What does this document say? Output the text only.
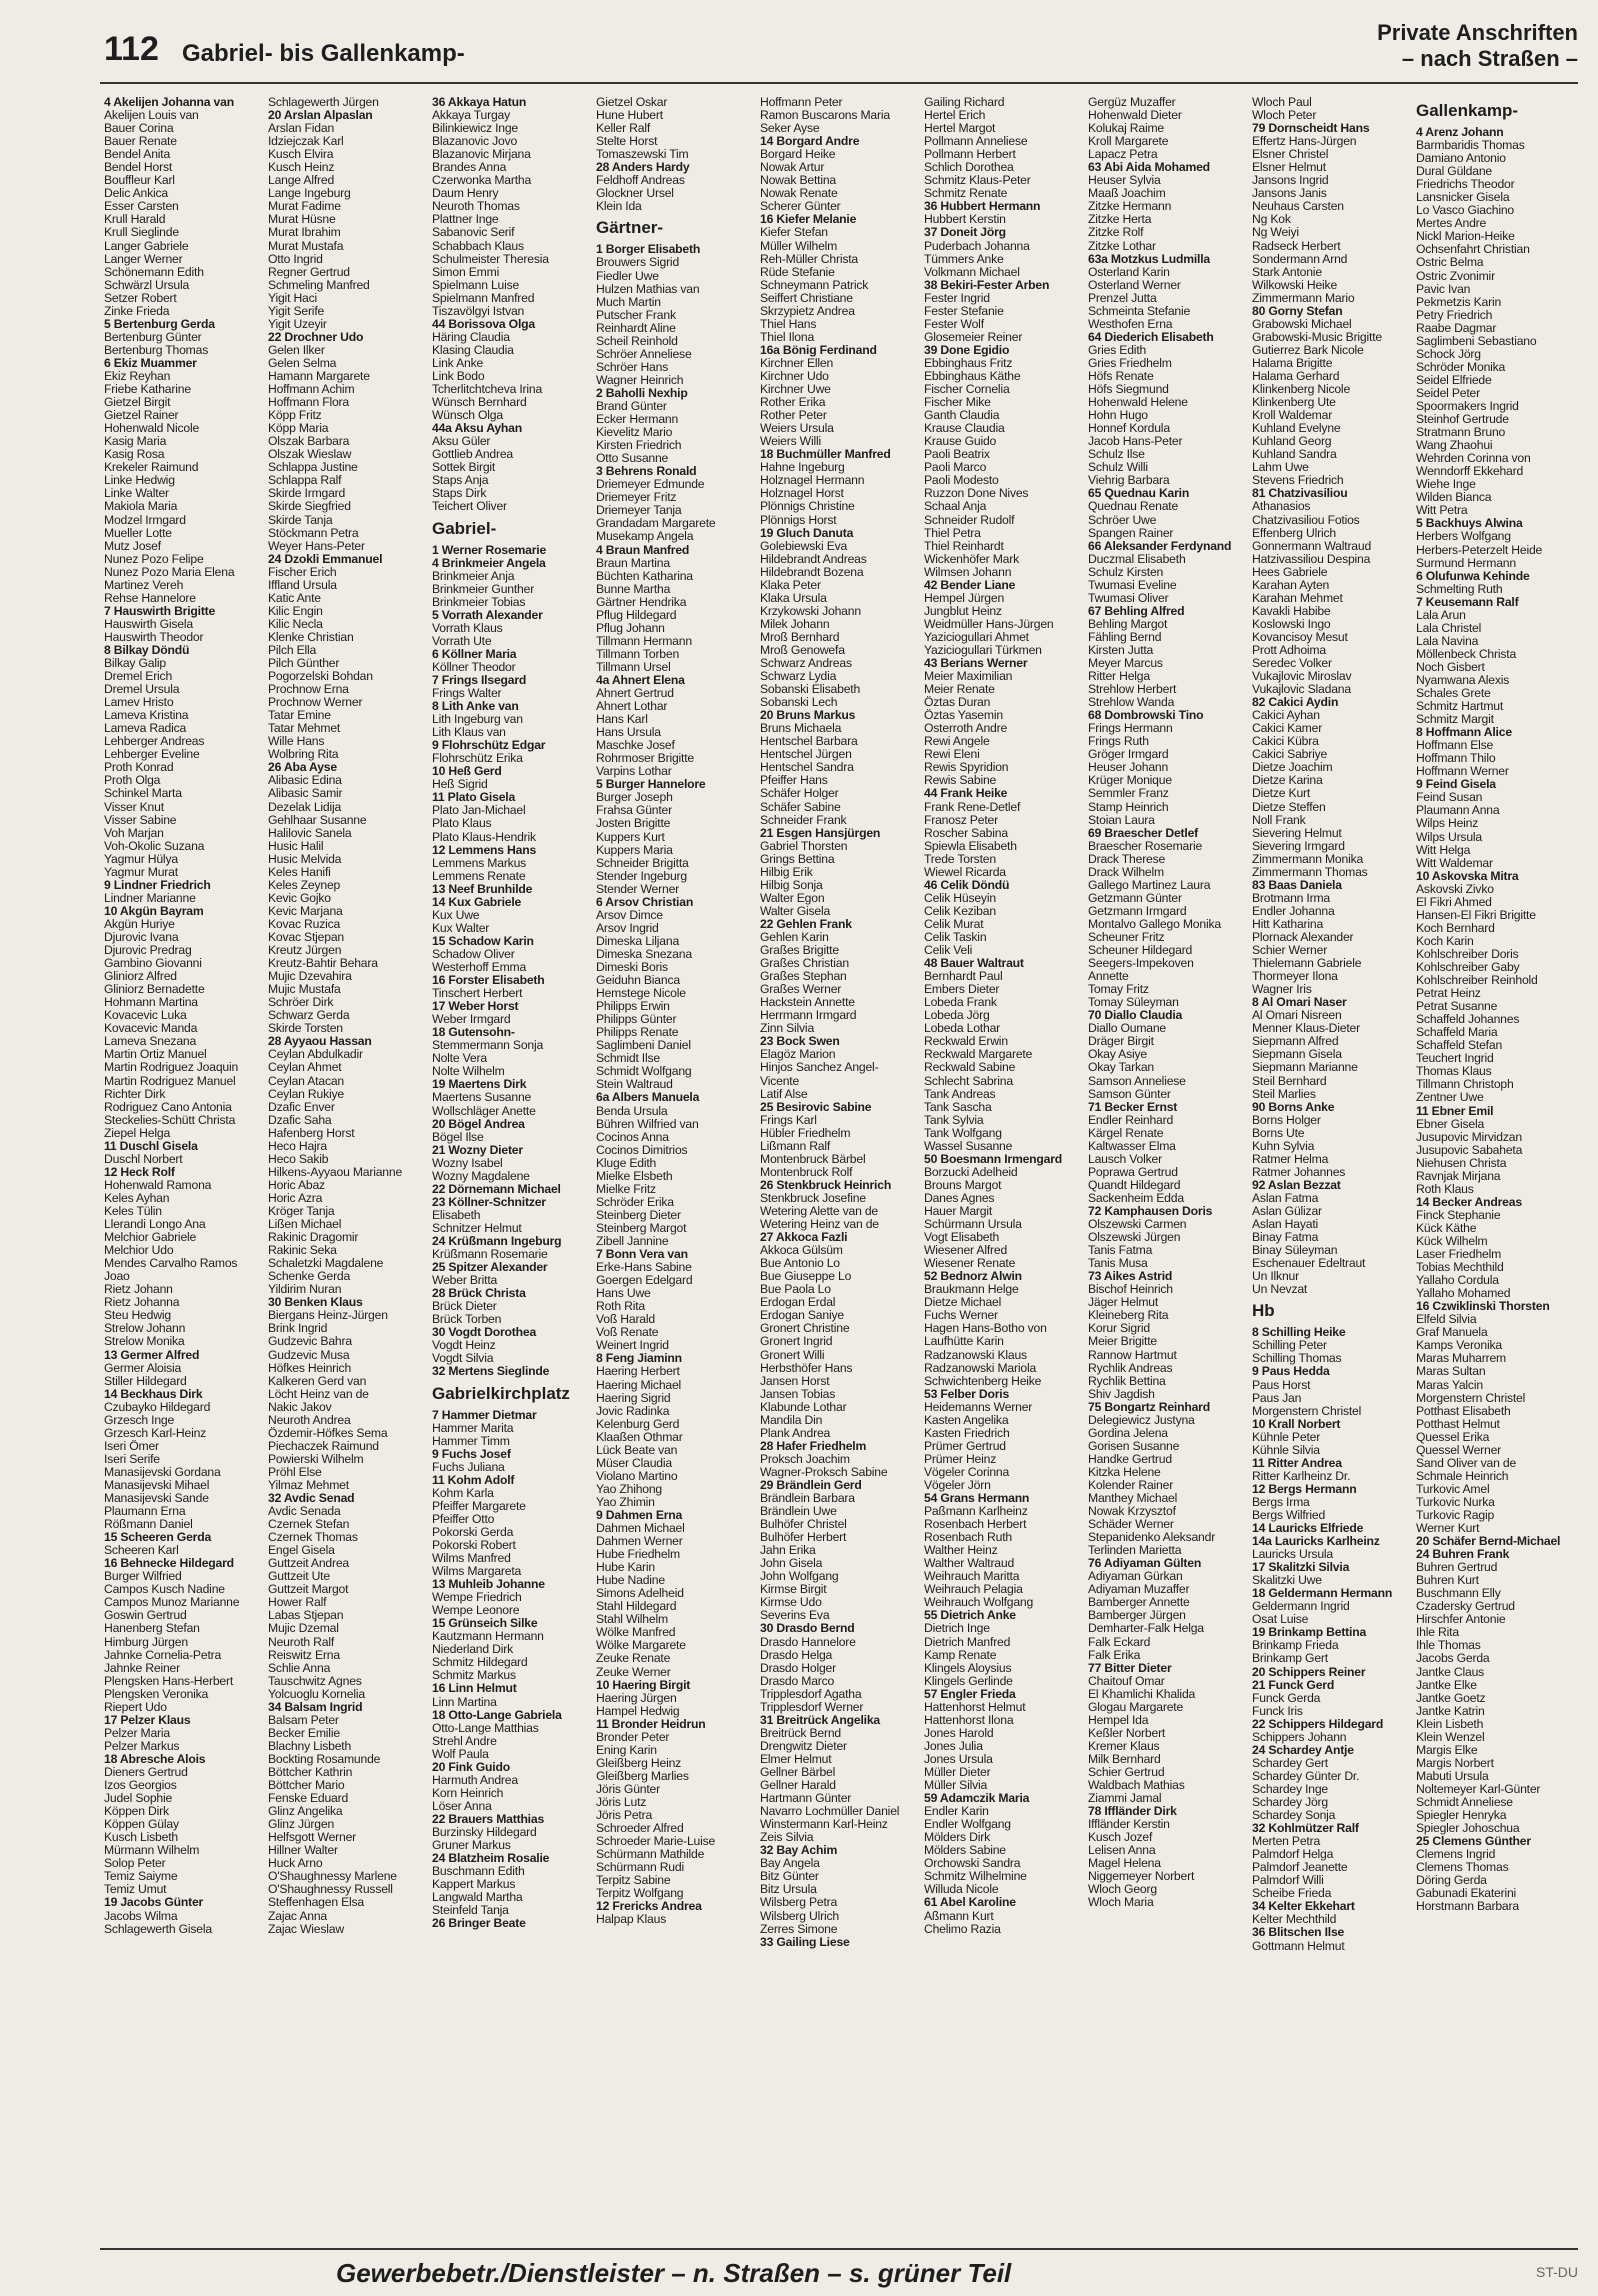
112 Gabriel- bis Gallenkamp-
Private Anschriften
– nach Straßen –
4 Akelijen Johanna van
Akelijen Louis van
Bauer Corina
Bauer Renate
Bendel Anita
Bendel Horst
Bouffleur Karl
Delic Ankica
Esser Carsten
Krull Harald
Krull Sieglinde
Langer Gabriele
Langer Werner
Schönemann Edith
Schwärzl Ursula
Setzer Robert
Zinke Frieda
5 Bertenburg Gerda
Bertenburg Günter
Bertenburg Thomas
6 Ekiz Muammer
Ekiz Reyhan
Friebe Katharine
Gietzel Birgit
Gietzel Rainer
Hohenwald Nicole
Kasig Maria
Kasig Rosa
Krekeler Raimund
Linke Hedwig
Linke Walter
Makiola Maria
Modzel Irmgard
Mueller Lotte
Mutz Josef
Nunez Pozo Felipe
Nunez Pozo Maria Elena
Martinez Vereh
Rehse Hannelore
7 Hauswirth Brigitte
Hauswirth Gisela
Hauswirth Theodor
8 Bilkay Döndü
Bilkay Galip
Dremel Erich
Dremel Ursula
Lamev Hristo
Lameva Kristina
Lameva Radica
Lehberger Andreas
Lehberger Eveline
Proth Konrad
Proth Olga
Schinkel Marta
Visser Knut
Visser Sabine
Voh Marjan
Voh-Okolic Suzana
Yagmur Hülya
Yagmur Murat
9 Lindner Friedrich
Lindner Marianne
10 Akgün Bayram
Akgün Huriye
Djurovic Ivana
Djurovic Predrag
Gambino Giovanni
Gliniorz Alfred
Gliniorz Bernadette
Hohmann Martina
Kovacevic Luka
Kovacevic Manda
Lameva Snezana
Martin Ortiz Manuel
Martin Rodriguez Joaquin
Martin Rodriguez Manuel
Richter Dirk
Rodriguez Cano Antonia
Steckelies-Schütt Christa
Ziepel Helga
11 Duschl Gisela
Duschl Norbert
12 Heck Rolf
Hohenwald Ramona
Keles Ayhan
Keles Tülin
Llerandi Longo Ana
Melchior Gabriele
Melchior Udo
Mendes Carvalho Ramos
Joao
Rietz Johann
Rietz Johanna
Steu Hedwig
Strelow Johann
Strelow Monika
13 Germer Alfred
Germer Aloisia
Stiller Hildegard
14 Beckhaus Dirk
Czubayko Hildegard
Grzesch Inge
Grzesch Karl-Heinz
Iseri Ömer
Iseri Serife
Manasijevski Gordana
Manasijevski Mihael
Manasijevski Sande
Plaumann Erna
Rößmann Daniel
15 Scheeren Gerda
Scheeren Karl
16 Behnecke Hildegard
Burger Wilfried
Campos Kusch Nadine
Campos Munoz Marianne
Goswin Gertrud
Hanenberg Stefan
Himburg Jürgen
Jahnke Cornelia-Petra
Jahnke Reiner
Plengsken Hans-Herbert
Plengsken Veronika
Riepert Udo
17 Pelzer Klaus
Pelzer Maria
Pelzer Markus
18 Abresche Alois
Dieners Gertrud
Izos Georgios
Judel Sophie
Köppen Dirk
Köppen Gülay
Kusch Lisbeth
Mürmann Wilhelm
Solop Peter
Temiz Saiyme
Temiz Umut
19 Jacobs Günter
Jacobs Wilma
Schlagewerth Gisela
Schlagewerth Jürgen
20 Arslan Alpaslan
Arslan Fidan
Idziejczak Karl
Kusch Elvira
Kusch Heinz
Lange Alfred
Lange Ingeburg
Murat Fadime
Murat Hüsne
Murat Ibrahim
Murat Mustafa
Otto Ingrid
Regner Gertrud
Schmeling Manfred
Yigit Haci
Yigit Serife
Yigit Uzeyir
22 Drochner Udo
Gelen Ilker
Gelen Selma
Hamann Margarete
Hoffmann Achim
Hoffmann Flora
Köpp Fritz
Köpp Maria
Olszak Barbara
Olszak Wieslaw
Schlappa Justine
Schlappa Ralf
Skirde Irmgard
Skirde Siegfried
Skirde Tanja
Stöckmann Petra
Weyer Hans-Peter
24 Dzokli Emmanuel
Fischer Erich
Iffland Ursula
Katic Ante
Kilic Engin
Kilic Necla
Klenke Christian
Pilch Ella
Pilch Günther
Pogorzelski Bohdan
Prochnow Erna
Prochnow Werner
Tatar Emine
Tatar Mehmet
Wille Hans
Wolbring Rita
26 Aba Ayse
Alibasic Edina
Alibasic Samir
Dezelak Lidija
Gehlhaar Susanne
Halilovic Sanela
Husic Halil
Husic Melvida
Keles Hanifi
Keles Zeynep
Kevic Gojko
Kevic Marjana
Kovac Ruzica
Kovac Stjepan
Kreutz Jürgen
Kreutz-Bahtir Behara
Mujic Dzevahira
Mujic Mustafa
Schröer Dirk
Schwarz Gerda
Skirde Torsten
28 Ayyaou Hassan
Ceylan Abdulkadir
Ceylan Ahmet
Ceylan Atacan
Ceylan Rukiye
Dzafic Enver
Dzafic Saha
Hafenberg Horst
Heco Hajra
Heco Sakib
Hilkens-Ayyaou Marianne
Horic Abaz
Horic Azra
Kröger Tanja
Lißen Michael
Rakinic Dragomir
Rakinic Seka
Schaletzki Magdalene
Schenke Gerda
Yildirim Nuran
30 Benken Klaus
Biergans Heinz-Jürgen
Brink Ingrid
Gudzevic Bahra
Gudzevic Musa
Höfkes Heinrich
Kalkeren Gerd van
Löcht Heinz van de
Nakic Jakov
Neuroth Andrea
Özdemir-Höfkes Sema
Piechaczek Raimund
Powierski Wilhelm
Pröhl Else
Yilmaz Mehmet
32 Avdic Senad
Avdic Senada
Czernek Stefan
Czernek Thomas
Engel Gisela
Guttzeit Andrea
Guttzeit Ute
Guttzeit Margot
Hower Ralf
Labas Stjepan
Mujic Dzemal
Neuroth Ralf
Reiswitz Erna
Schlie Anna
Tauschwitz Agnes
Yolcuoglu Kornelia
34 Balsam Ingrid
Balsam Peter
Becker Emilie
Blachny Lisbeth
Bockting Rosamunde
Böttcher Kathrin
Böttcher Mario
Fenske Eduard
Glinz Angelika
Glinz Jürgen
Helfsgott Werner
Hillner Walter
Huck Arno
O'Shaughnessy Marlene
O'Shaughnessy Russell
Steffenhagen Elsa
Zajac Anna
Zajac Wieslaw
36 Akkaya Hatun
Akkaya Turgay
Bilinkiewicz Inge
Blazanovic Jovo
Blazanovic Mirjana
Brandes Anna
Czerwonka Martha
Daum Henry
Neuroth Thomas
Plattner Inge
Sabanovic Serif
Schabbach Klaus
Schulmeister Theresia
Simon Emmi
Spielmann Luise
Spielmann Manfred
Tiszavölgyi Istvan
44 Borissova Olga
Häring Claudia
Klasing Claudia
Link Anke
Link Bodo
Tcherlitchtcheva Irina
Wünsch Bernhard
Wünsch Olga
44a Aksu Ayhan
Aksu Güler
Gottlieb Andrea
Sottek Birgit
Staps Anja
Staps Dirk
Teichert Oliver
Gabriel-
1 Werner Rosemarie
4 Brinkmeier Angela
Brinkmeier Anja
Brinkmeier Gunther
Brinkmeier Tobias
5 Vorrath Alexander
Vorrath Klaus
Vorrath Ute
6 Köllner Maria
Köllner Theodor
7 Frings Ilsegard
Frings Walter
8 Lith Anke van
Lith Ingeburg van
Lith Klaus van
9 Flohrschütz Edgar
Flohrschütz Erika
10 Heß Gerd
Heß Sigrid
11 Plato Gisela
Plato Jan-Michael
Plato Klaus
Plato Klaus-Hendrik
12 Lemmens Hans
Lemmens Markus
Lemmens Renate
13 Neef Brunhilde
14 Kux Gabriele
Kux Uwe
Kux Walter
15 Schadow Karin
Schadow Oliver
Westerhoff Emma
16 Forster Elisabeth
Tinschert Herbert
17 Weber Horst
Weber Irmgard
18 Gutensohn-
Stemmermann Sonja
Nolte Vera
Nolte Wilhelm
19 Maertens Dirk
Maertens Susanne
Wollschläger Anette
20 Bögel Andrea
Bögel Ilse
21 Wozny Dieter
Wozny Isabel
Wozny Magdalene
22 Dörnemann Michael
23 Köllner-Schnitzer
Elisabeth
Schnitzer Helmut
24 Krüßmann Ingeburg
Krüßmann Rosemarie
25 Spitzer Alexander
Weber Britta
28 Brück Christa
Brück Dieter
Brück Torben
30 Vogdt Dorothea
Vogdt Heinz
Vogdt Silvia
32 Mertens Sieglinde
Gabrielkirchplatz
7 Hammer Dietmar
Hammer Marita
Hammer Timm
9 Fuchs Josef
Fuchs Juliana
11 Kohm Adolf
Kohm Karla
Pfeiffer Margarete
Pfeiffer Otto
Pokorski Gerda
Pokorski Robert
Wilms Manfred
Wilms Margareta
13 Muhleib Johanne
Wempe Friedrich
Wempe Leonore
15 Grünseich Silke
Kautzmann Hermann
Niederland Dirk
Schmitz Hildegard
Schmitz Markus
16 Linn Helmut
Linn Martina
18 Otto-Lange Gabriela
Otto-Lange Matthias
Strehl Andre
Wolf Paula
20 Fink Guido
Harmuth Andrea
Korn Heinrich
Löser Anna
22 Brauers Matthias
Burzinsky Hildegard
Gruner Markus
24 Blatzheim Rosalie
Buschmann Edith
Kappert Markus
Langwald Martha
Steinfeld Tanja
26 Bringer Beate
Gietzel Oskar
Hune Hubert
Keller Ralf
Stelte Horst
Tomaszewski Tim
28 Anders Hardy
Feldhoff Andreas
Glockner Ursel
Klein Ida
Gärtner-
1 Borger Elisabeth
Brouwers Sigrid
Fiedler Uwe
Hulzen Mathias van
Much Martin
Putscher Frank
Reinhardt Aline
Scheil Reinhold
Schröer Anneliese
Schröer Hans
Wagner Heinrich
2 Baholli Nexhip
Brand Günter
Ecker Hermann
Kievelitz Mario
Kirsten Friedrich
Otto Susanne
3 Behrens Ronald
Driemeyer Edmunde
Driemeyer Fritz
Driemeyer Tanja
Grandadam Margarete
Musekamp Angela
4 Braun Manfred
Braun Martina
Büchten Katharina
Bunne Martha
Gärtner Hendrika
Pflug Hildegard
Pflug Johann
Tillmann Hermann
Tillmann Torben
Tillmann Ursel
4a Ahnert Elena
Ahnert Gertrud
Ahnert Lothar
Hans Karl
Hans Ursula
Maschke Josef
Rohrmoser Brigitte
Varpins Lothar
5 Burger Hannelore
Burger Joseph
Frahsa Günter
Josten Brigitte
Kuppers Kurt
Kuppers Maria
Schneider Brigitta
Stender Ingeburg
Stender Werner
6 Arsov Christian
Arsov Dimce
Arsov Ingrid
Dimeska Liljana
Dimeska Snezana
Dimeski Boris
Geiduhn Bianca
Hemstege Nicole
Philipps Erwin
Philipps Günter
Philipps Renate
Saglimbeni Daniel
Schmidt Ilse
Schmidt Wolfgang
Stein Waltraud
6a Albers Manuela
Benda Ursula
Bühren Wilfried van
Cocinos Anna
Cocinos Dimitrios
Kluge Edith
Mielke Elsbeth
Mielke Fritz
Schröder Erika
Steinberg Dieter
Steinberg Margot
Zibell Jannine
7 Bonn Vera van
Erke-Hans Sabine
Goergen Edelgard
Hans Uwe
Roth Rita
Voß Harald
Voß Renate
Weinert Ingrid
8 Feng Jiaminn
Haering Herbert
Haering Michael
Haering Sigrid
Jovic Radinka
Kelenburg Gerd
Klaaßen Othmar
Lück Beate van
Müser Claudia
Violano Martino
Yao Zhihong
Yao Zhimin
9 Dahmen Erna
Dahmen Michael
Dahmen Werner
Hube Friedhelm
Hube Karin
Hube Nadine
Simons Adelheid
Stahl Hildegard
Stahl Wilhelm
Wölke Manfred
Wölke Margarete
Zeuke Renate
Zeuke Werner
10 Haering Birgit
Haering Jürgen
Hampel Hedwig
11 Bronder Heidrun
Bronder Peter
Ening Karin
Gleißberg Heinz
Gleißberg Marlies
Jöris Günter
Jöris Lutz
Jöris Petra
Schroeder Alfred
Schroeder Marie-Luise
Schürmann Mathilde
Schürmann Rudi
Terpitz Sabine
Terpitz Wolfgang
12 Frericks Andrea
Halpap Klaus
Hoffmann Peter
Ramon Buscarons Maria
Seker Ayse
14 Borgard Andre
Borgard Heike
Nowak Artur
Nowak Bettina
Nowak Renate
Scherer Günter
16 Kiefer Melanie
Kiefer Stefan
Müller Wilhelm
Reh-Müller Christa
Rüde Stefanie
Schneymann Patrick
Seiffert Christiane
Skrzypietz Andrea
Thiel Hans
Thiel Ilona
16a Bönig Ferdinand
Kirchner Ellen
Kirchner Udo
Kirchner Uwe
Rother Erika
Rother Peter
Weiers Ursula
Weiers Willi
18 Buchmüller Manfred
Hahne Ingeburg
Holznagel Hermann
Holznagel Horst
Plönnigs Christine
Plönnigs Horst
19 Gluch Danuta
Golebiewski Eva
Hildebrandt Andreas
Hildebrandt Bozena
Klaka Peter
Klaka Ursula
Krzykowski Johann
Milek Johann
Mroß Bernhard
Mroß Genowefa
Schwarz Andreas
Schwarz Lydia
Sobanski Elisabeth
Sobanski Lech
20 Bruns Markus
Bruns Michaela
Hentschel Barbara
Hentschel Jürgen
Hentschel Sandra
Pfeiffer Hans
Schäfer Holger
Schäfer Sabine
Schneider Frank
21 Esgen Hansjürgen
Gabriel Thorsten
Grings Bettina
Hilbig Erik
Hilbig Sonja
Walter Egon
Walter Gisela
22 Gehlen Frank
Gehlen Karin
Graßes Brigitte
Graßes Christian
Graßes Stephan
Graßes Werner
Hackstein Annette
Herrmann Irmgard
Zinn Silvia
23 Bock Swen
Elagöz Marion
Hinjos Sanchez Angel-
Vicente
Latif Alse
25 Besirovic Sabine
Frings Karl
Hübler Friedhelm
Lißmann Ralf
Montenbruck Bärbel
Montenbruck Rolf
26 Stenkbruck Heinrich
Stenkbruck Josefine
Wetering Alette van de
Wetering Heinz van de
27 Akkoca Fazli
Akkoca Gülsüm
Bue Antonio Lo
Bue Giuseppe Lo
Bue Paola Lo
Erdogan Erdal
Erdogan Saniye
Gronert Christine
Gronert Ingrid
Gronert Willi
Herbsthöfer Hans
Jansen Horst
Jansen Tobias
Klabunde Lothar
Mandila Din
Plank Andrea
28 Hafer Friedhelm
Proksch Joachim
Wagner-Proksch Sabine
29 Brändlein Gerd
Brändlein Barbara
Brändlein Uwe
Bulhöfer Christel
Bulhöfer Herbert
Jahn Erika
John Gisela
John Wolfgang
Kirmse Birgit
Kirmse Udo
Severins Eva
30 Drasdo Bernd
Drasdo Hannelore
Drasdo Helga
Drasdo Holger
Drasdo Marco
Tripplesdorf Agatha
Tripplesdorf Werner
31 Breitrück Angelika
Breitrück Bernd
Drengwitz Dieter
Elmer Helmut
Gellner Bärbel
Gellner Harald
Hartmann Günter
Navarro Lochmüller Daniel
Winstermann Karl-Heinz
Zeis Silvia
32 Bay Achim
Bay Angela
Bitz Günter
Bitz Ursula
Wilsberg Petra
Wilsberg Ulrich
Zerres Simone
33 Gailing Liese
Gailing Richard
Hertel Erich
Hertel Margot
Pollmann Anneliese
Pollmann Herbert
Schlich Dorothea
Schmitz Klaus-Peter
Schmitz Renate
36 Hubbert Hermann
Hubbert Kerstin
37 Doneit Jörg
Puderbach Johanna
Tümmers Anke
Volkmann Michael
38 Bekiri-Fester Arben
Fester Ingrid
Fester Stefanie
Fester Wolf
Glosemeier Reiner
39 Done Egidio
Ebbinghaus Fritz
Ebbinghaus Käthe
Fischer Cornelia
Fischer Mike
Ganth Claudia
Krause Claudia
Krause Guido
Paoli Beatrix
Paoli Marco
Paoli Modesto
Ruzzon Done Nives
Schaal Anja
Schneider Rudolf
Thiel Petra
Thiel Reinhardt
Wickenhöfer Mark
Wilmsen Johann
42 Bender Liane
Hempel Jürgen
Jungblut Heinz
Weidmüller Hans-Jürgen
Yaziciogullari Ahmet
Yaziciogullari Türkmen
43 Berians Werner
Meier Maximilian
Meier Renate
Öztas Duran
Öztas Yasemin
Osterroth Andre
Rewi Angele
Rewi Eleni
Rewis Spyridion
Rewis Sabine
44 Frank Heike
Frank Rene-Detlef
Franosz Peter
Roscher Sabina
Spiewla Elisabeth
Trede Torsten
Wiewel Ricarda
46 Celik Döndü
Celik Hüseyin
Celik Keziban
Celik Murat
Celik Taskin
Celik Veli
48 Bauer Waltraut
Bernhardt Paul
Embers Dieter
Lobeda Frank
Lobeda Jörg
Lobeda Lothar
Reckwald Erwin
Reckwald Margarete
Reckwald Sabine
Schlecht Sabrina
Tank Andreas
Tank Sascha
Tank Sylvia
Tank Wolfgang
Wassel Susanne
50 Boesmann Irmengard
Borzucki Adelheid
Brouns Margot
Danes Agnes
Hauer Margit
Schürmann Ursula
Vogt Elisabeth
Wiesener Alfred
Wiesener Renate
52 Bednorz Alwin
Braukmann Helge
Dietze Michael
Fuchs Werner
Hagen Hans-Botho von
Laufhütte Karin
Radzanowski Klaus
Radzanowski Mariola
Schwichtenberg Heike
53 Felber Doris
Heidemanns Werner
Kasten Angelika
Kasten Friedrich
Prümer Gertrud
Prümer Heinz
Vögeler Corinna
Vögeler Jörn
54 Grans Hermann
Paßmann Karlheinz
Rosenbach Herbert
Rosenbach Ruth
Walther Heinz
Walther Waltraud
Weihrauch Maritta
Weihrauch Pelagia
Weihrauch Wolfgang
55 Dietrich Anke
Dietrich Inge
Dietrich Manfred
Kamp Renate
Klingels Aloysius
Klingels Gerlinde
57 Engler Frieda
Hattenhorst Helmut
Hattenhorst Ilona
Jones Harold
Jones Julia
Jones Ursula
Müller Dieter
Müller Silvia
59 Adamczik Maria
Endler Karin
Endler Wolfgang
Mölders Dirk
Mölders Sabine
Orchowski Sandra
Schmitz Wilhelmine
Willuda Nicole
61 Abel Karoline
Aßmann Kurt
Chelimo Razia
Gergüz Muzaffer
Hohenwald Dieter
Kolukaj Raime
Kroll Margarete
Lapacz Petra
63 Abi Aida Mohamed
Heuser Sylvia
Maaß Joachim
Zitzke Hermann
Zitzke Herta
Zitzke Rolf
Zitzke Lothar
63a Motzkus Ludmilla
Osterland Karin
Osterland Werner
Prenzel Jutta
Schmeinta Stefanie
Westhofen Erna
64 Diederich Elisabeth
Gries Edith
Gries Friedhelm
Höfs Renate
Höfs Siegmund
Hohenwald Helene
Hohn Hugo
Honnef Kordula
Jacob Hans-Peter
Schulz Ilse
Schulz Willi
Viehrig Barbara
65 Quednau Karin
Quednau Renate
Schröer Uwe
Spangen Rainer
66 Aleksander Ferdynand
Duczmal Elisabeth
Schulz Kirsten
Twumasi Eveline
Twumasi Oliver
67 Behling Alfred
Behling Margot
Fähling Bernd
Kirsten Jutta
Meyer Marcus
Ritter Helga
Strehlow Herbert
Strehlow Wanda
68 Dombrowski Tino
Frings Hermann
Frings Ruth
Gröger Irmgard
Heuser Johann
Krüger Monique
Semmler Franz
Stamp Heinrich
Stoian Laura
69 Braescher Detlef
Braescher Rosemarie
Drack Therese
Drack Wilhelm
Gallego Martinez Laura
Getzmann Günter
Getzmann Irmgard
Montalvo Gallego Monika
Scheuner Fritz
Scheuner Hildegard
Seegers-Impekoven
Annette
Tomay Fritz
Tomay Süleyman
70 Diallo Claudia
Diallo Oumane
Dräger Birgit
Okay Asiye
Okay Tarkan
Samson Anneliese
Samson Günter
71 Becker Ernst
Endler Reinhard
Kärgel Renate
Kaltwasser Elma
Lausch Volker
Poprawa Gertrud
Quandt Hildegard
Sackenheim Edda
72 Kamphausen Doris
Olszewski Carmen
Olszewski Jürgen
Tanis Fatma
Tanis Musa
73 Aikes Astrid
Bischof Heinrich
Jäger Helmut
Kleineberg Rita
Korur Sigrid
Meier Brigitte
Rannow Hartmut
Rychlik Andreas
Rychlik Bettina
Shiv Jagdish
75 Bongartz Reinhard
Delegiewicz Justyna
Gordina Jelena
Gorisen Susanne
Handke Gertrud
Kitzka Helene
Kolender Rainer
Manthey Michael
Nowak Krzysztof
Schäder Werner
Stepanidenko Aleksandr
Terlinden Marietta
76 Adiyaman Gülten
Adiyaman Gürkan
Adiyaman Muzaffer
Bamberger Annette
Bamberger Jürgen
Demharter-Falk Helga
Falk Eckard
Falk Erika
77 Bitter Dieter
Chaitouf Omar
El Khamlichi Khalida
Glogau Margarete
Hempel Ida
Keßler Norbert
Kremer Klaus
Milk Bernhard
Schier Gertrud
Waldbach Mathias
Ziammi Jamal
78 Iffländer Dirk
Iffländer Kerstin
Kusch Jozef
Lelisen Anna
Magel Helena
Niggemeyer Norbert
Wloch Georg
Wloch Maria
Wloch Paul
Wloch Peter
79 Dornscheidt Hans
Effertz Hans-Jürgen
Elsner Christel
Elsner Helmut
Jansons Ingrid
Jansons Janis
Neuhaus Carsten
Ng Kok
Ng Weiyi
Radseck Herbert
Sondermann Arnd
Stark Antonie
Wilkowski Heike
Zimmermann Mario
80 Gorny Stefan
Grabowski Michael
Grabowski-Music Brigitte
Gutierrez Bark Nicole
Halama Brigitte
Halama Gerhard
Klinkenberg Nicole
Klinkenberg Ute
Kroll Waldemar
Kuhland Evelyne
Kuhland Georg
Kuhland Sandra
Lahm Uwe
Stevens Friedrich
81 Chatzivasiliou
Athanasios
Chatzivasiliou Fotios
Effenberg Ulrich
Gonnermann Waltraud
Hatzivassiliou Despina
Hees Gabriele
Karahan Ayten
Karahan Mehmet
Kavakli Habibe
Koslowski Ingo
Kovancisoy Mesut
Prott Adhoima
Seredec Volker
Vukajlovic Miroslav
Vukajlovic Sladana
82 Cakici Aydin
Cakici Ayhan
Cakici Kamer
Cakici Kübra
Cakici Sabriye
Dietze Joachim
Dietze Karina
Dietze Kurt
Dietze Steffen
Noll Frank
Sievering Helmut
Sievering Irmgard
Zimmermann Monika
Zimmermann Thomas
83 Baas Daniela
Brotmann Irma
Endler Johanna
Hitt Katharina
Plornack Alexander
Schier Werner
Thielemann Gabriele
Thormeyer Ilona
Wagner Iris
8 Al Omari Naser
Al Omari Nisreen
Menner Klaus-Dieter
Siepmann Alfred
Siepmann Gisela
Siepmann Marianne
Steil Bernhard
Steil Marlies
90 Borns Anke
Borns Holger
Borns Ute
Kuhn Sylvia
Ratmer Helma
Ratmer Johannes
92 Aslan Bezzat
Aslan Fatma
Aslan Gülizar
Aslan Hayati
Binay Fatma
Binay Süleyman
Eschenauer Edeltraut
Un Ilknur
Un Nevzat
Hb
8 Schilling Heike
Schilling Peter
Schilling Thomas
9 Paus Hedda
Paus Horst
Paus Jan
Morgenstern Christel
10 Krall Norbert
Kühnle Peter
Kühnle Silvia
11 Ritter Andrea
Ritter Karlheinz Dr.
12 Bergs Hermann
Bergs Irma
Bergs Wilfried
14 Lauricks Elfriede
14a Lauricks Karlheinz
Lauricks Ursula
17 Skalitzki Silvia
Skalitzki Uwe
18 Geldermann Hermann
Geldermann Ingrid
Osat Luise
19 Brinkamp Bettina
Brinkamp Frieda
Brinkamp Gert
20 Schippers Reiner
21 Funck Gerd
Funck Gerda
Funck Iris
22 Schippers Hildegard
Schippers Johann
24 Schardey Antje
Schardey Gert
Schardey Günter Dr.
Schardey Inge
Schardey Jörg
Schardey Sonja
32 Kohlmützer Ralf
Merten Petra
Palmdorf Helga
Palmdorf Jeanette
Palmdorf Willi
Scheibe Frieda
34 Kelter Ekkehart
Kelter Mechthild
36 Blitschen Ilse
Gottmann Helmut
Gallenkamp-
4 Arenz Johann
Barmbaridis Thomas
Damiano Antonio
Dural Güldane
Friedrichs Theodor
Lansnicker Gisela
Lo Vasco Giachino
Mertes Andre
Nickl Marion-Heike
Ochsenfahrt Christian
Ostric Belma
Ostric Zvonimir
Pavic Ivan
Pekmetzis Karin
Petry Friedrich
Raabe Dagmar
Saglimbeni Sebastiano
Schock Jörg
Schröder Monika
Seidel Elfriede
Seidel Peter
Spoormakers Ingrid
Steinhof Gertrude
Stratmann Bruno
Wang Zhaohui
Wehrden Corinna von
Wenndorff Ekkehard
Wiehe Inge
Wilden Bianca
Witt Petra
5 Backhuys Alwina
Herbers Wolfgang
Herbers-Peterzelt Heide
Surmund Hermann
6 Olufunwa Kehinde
Schmelting Ruth
7 Keusemann Ralf
Lala Arun
Lala Christel
Lala Navina
Möllenbeck Christa
Noch Gisbert
Nyamwana Alexis
Schales Grete
Schmitz Hartmut
Schmitz Margit
8 Hoffmann Alice
Hoffmann Else
Hoffmann Thilo
Hoffmann Werner
9 Feind Gisela
Feind Susan
Plaumann Anna
Wilps Heinz
Wilps Ursula
Witt Helga
Witt Waldemar
10 Askovska Mitra
Askovski Zivko
El Fikri Ahmed
Hansen-El Fikri Brigitte
Koch Bernhard
Koch Karin
Kohlschreiber Doris
Kohlschreiber Gaby
Kohlschreiber Reinhold
Petrat Heinz
Petrat Susanne
Schaffeld Johannes
Schaffeld Maria
Schaffeld Stefan
Teuchert Ingrid
Thomas Klaus
Tillmann Christoph
Zentner Uwe
11 Ebner Emil
Ebner Gisela
Jusupovic Mirvidzan
Jusupovic Sabaheta
Niehusen Christa
Ravnjak Mirjana
Roth Klaus
14 Becker Andreas
Finck Stephanie
Kück Käthe
Kück Wilhelm
Laser Friedhelm
Tobias Mechthild
Yallaho Cordula
Yallaho Mohamed
16 Czwiklinski Thorsten
Elfeld Silvia
Graf Manuela
Kamps Veronika
Maras Muharrem
Maras Sultan
Maras Yalcin
Morgenstern Christel
Potthast Elisabeth
Potthast Helmut
Quessel Erika
Quessel Werner
Sand Oliver van de
Schmale Heinrich
Turkovic Amel
Turkovic Nurka
Turkovic Ragip
Werner Kurt
20 Schäfer Bernd-Michael
24 Buhren Frank
Buhren Gertrud
Buhren Kurt
Buschmann Elly
Czadersky Gertrud
Hirschfer Antonie
Ihle Rita
Ihle Thomas
Jacobs Gerda
Jantke Claus
Jantke Elke
Jantke Goetz
Jantke Katrin
Klein Lisbeth
Klein Wenzel
Margis Elke
Margis Norbert
Mabuti Ursula
Noltemeyer Karl-Günter
Schmidt Anneliese
Spiegler Henryka
Spiegler Johoschua
25 Clemens Günther
Clemens Ingrid
Clemens Thomas
Döring Gerda
Gabunadi Ekaterini
Horstmann Barbara
Gewerbebetr./Dienstleister – n. Straßen – s. grüner Teil	ST-DU
